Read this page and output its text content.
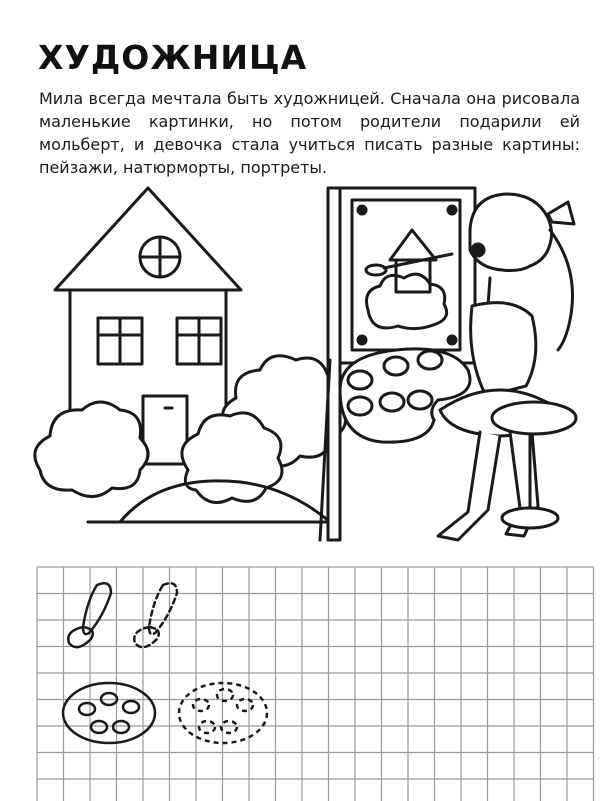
ХУДОЖНИЦА

Мила всегда мечтала быть художницей. Сначала она рисовала маленькие картинки, но потом родители подарили ей мольберт, и девочка стала учиться писать разные картины: пейзажи, натюрморты, портреты.
